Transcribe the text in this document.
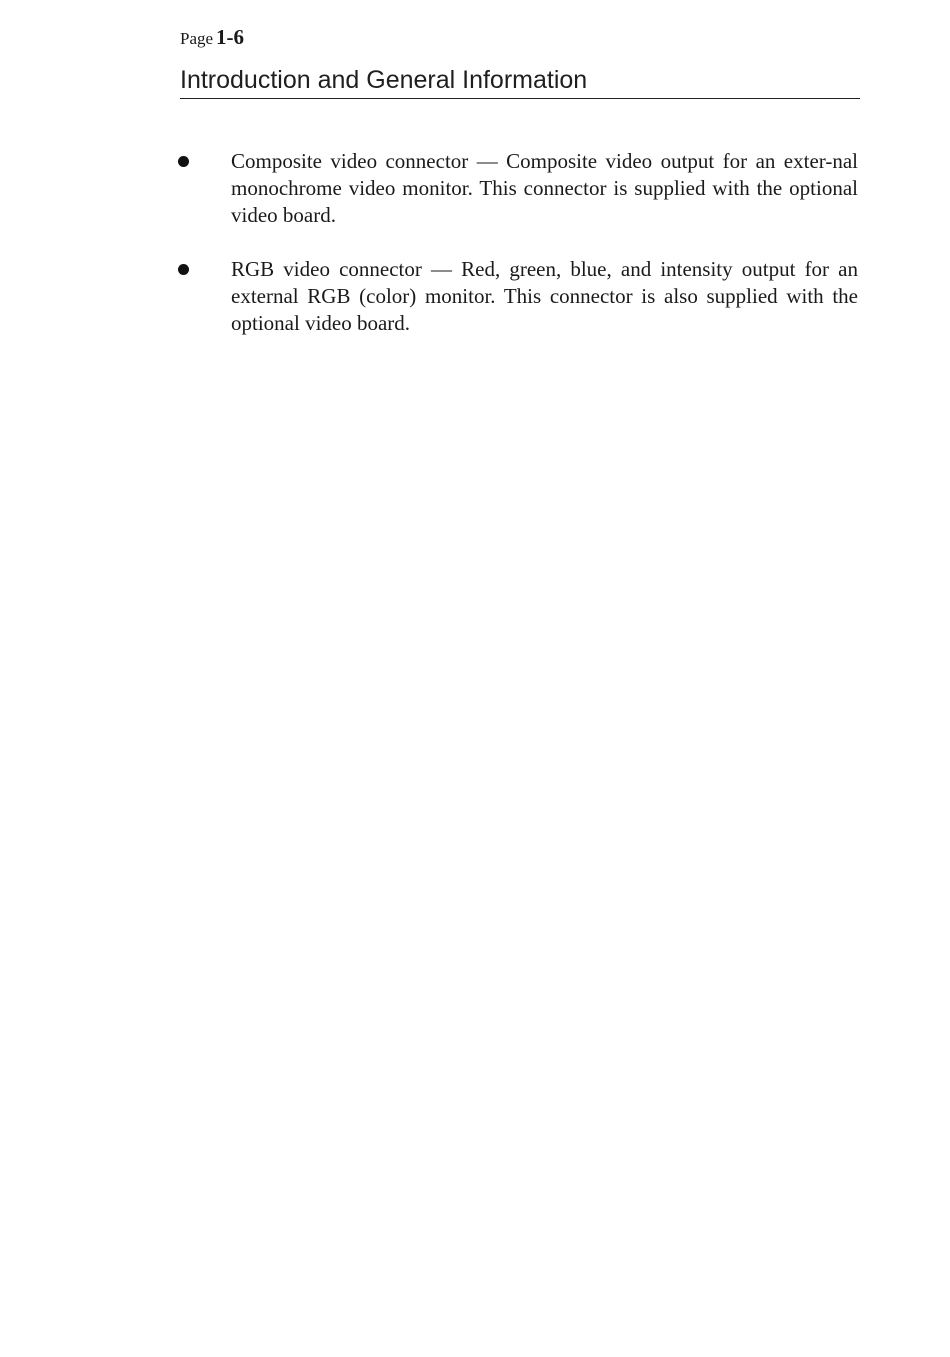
Page 1-6
Introduction and General Information
Composite video connector — Composite video output for an exter-nal monochrome video monitor. This connector is supplied with the optional video board.
RGB video connector — Red, green, blue, and intensity output for an external RGB (color) monitor. This connector is also supplied with the optional video board.
